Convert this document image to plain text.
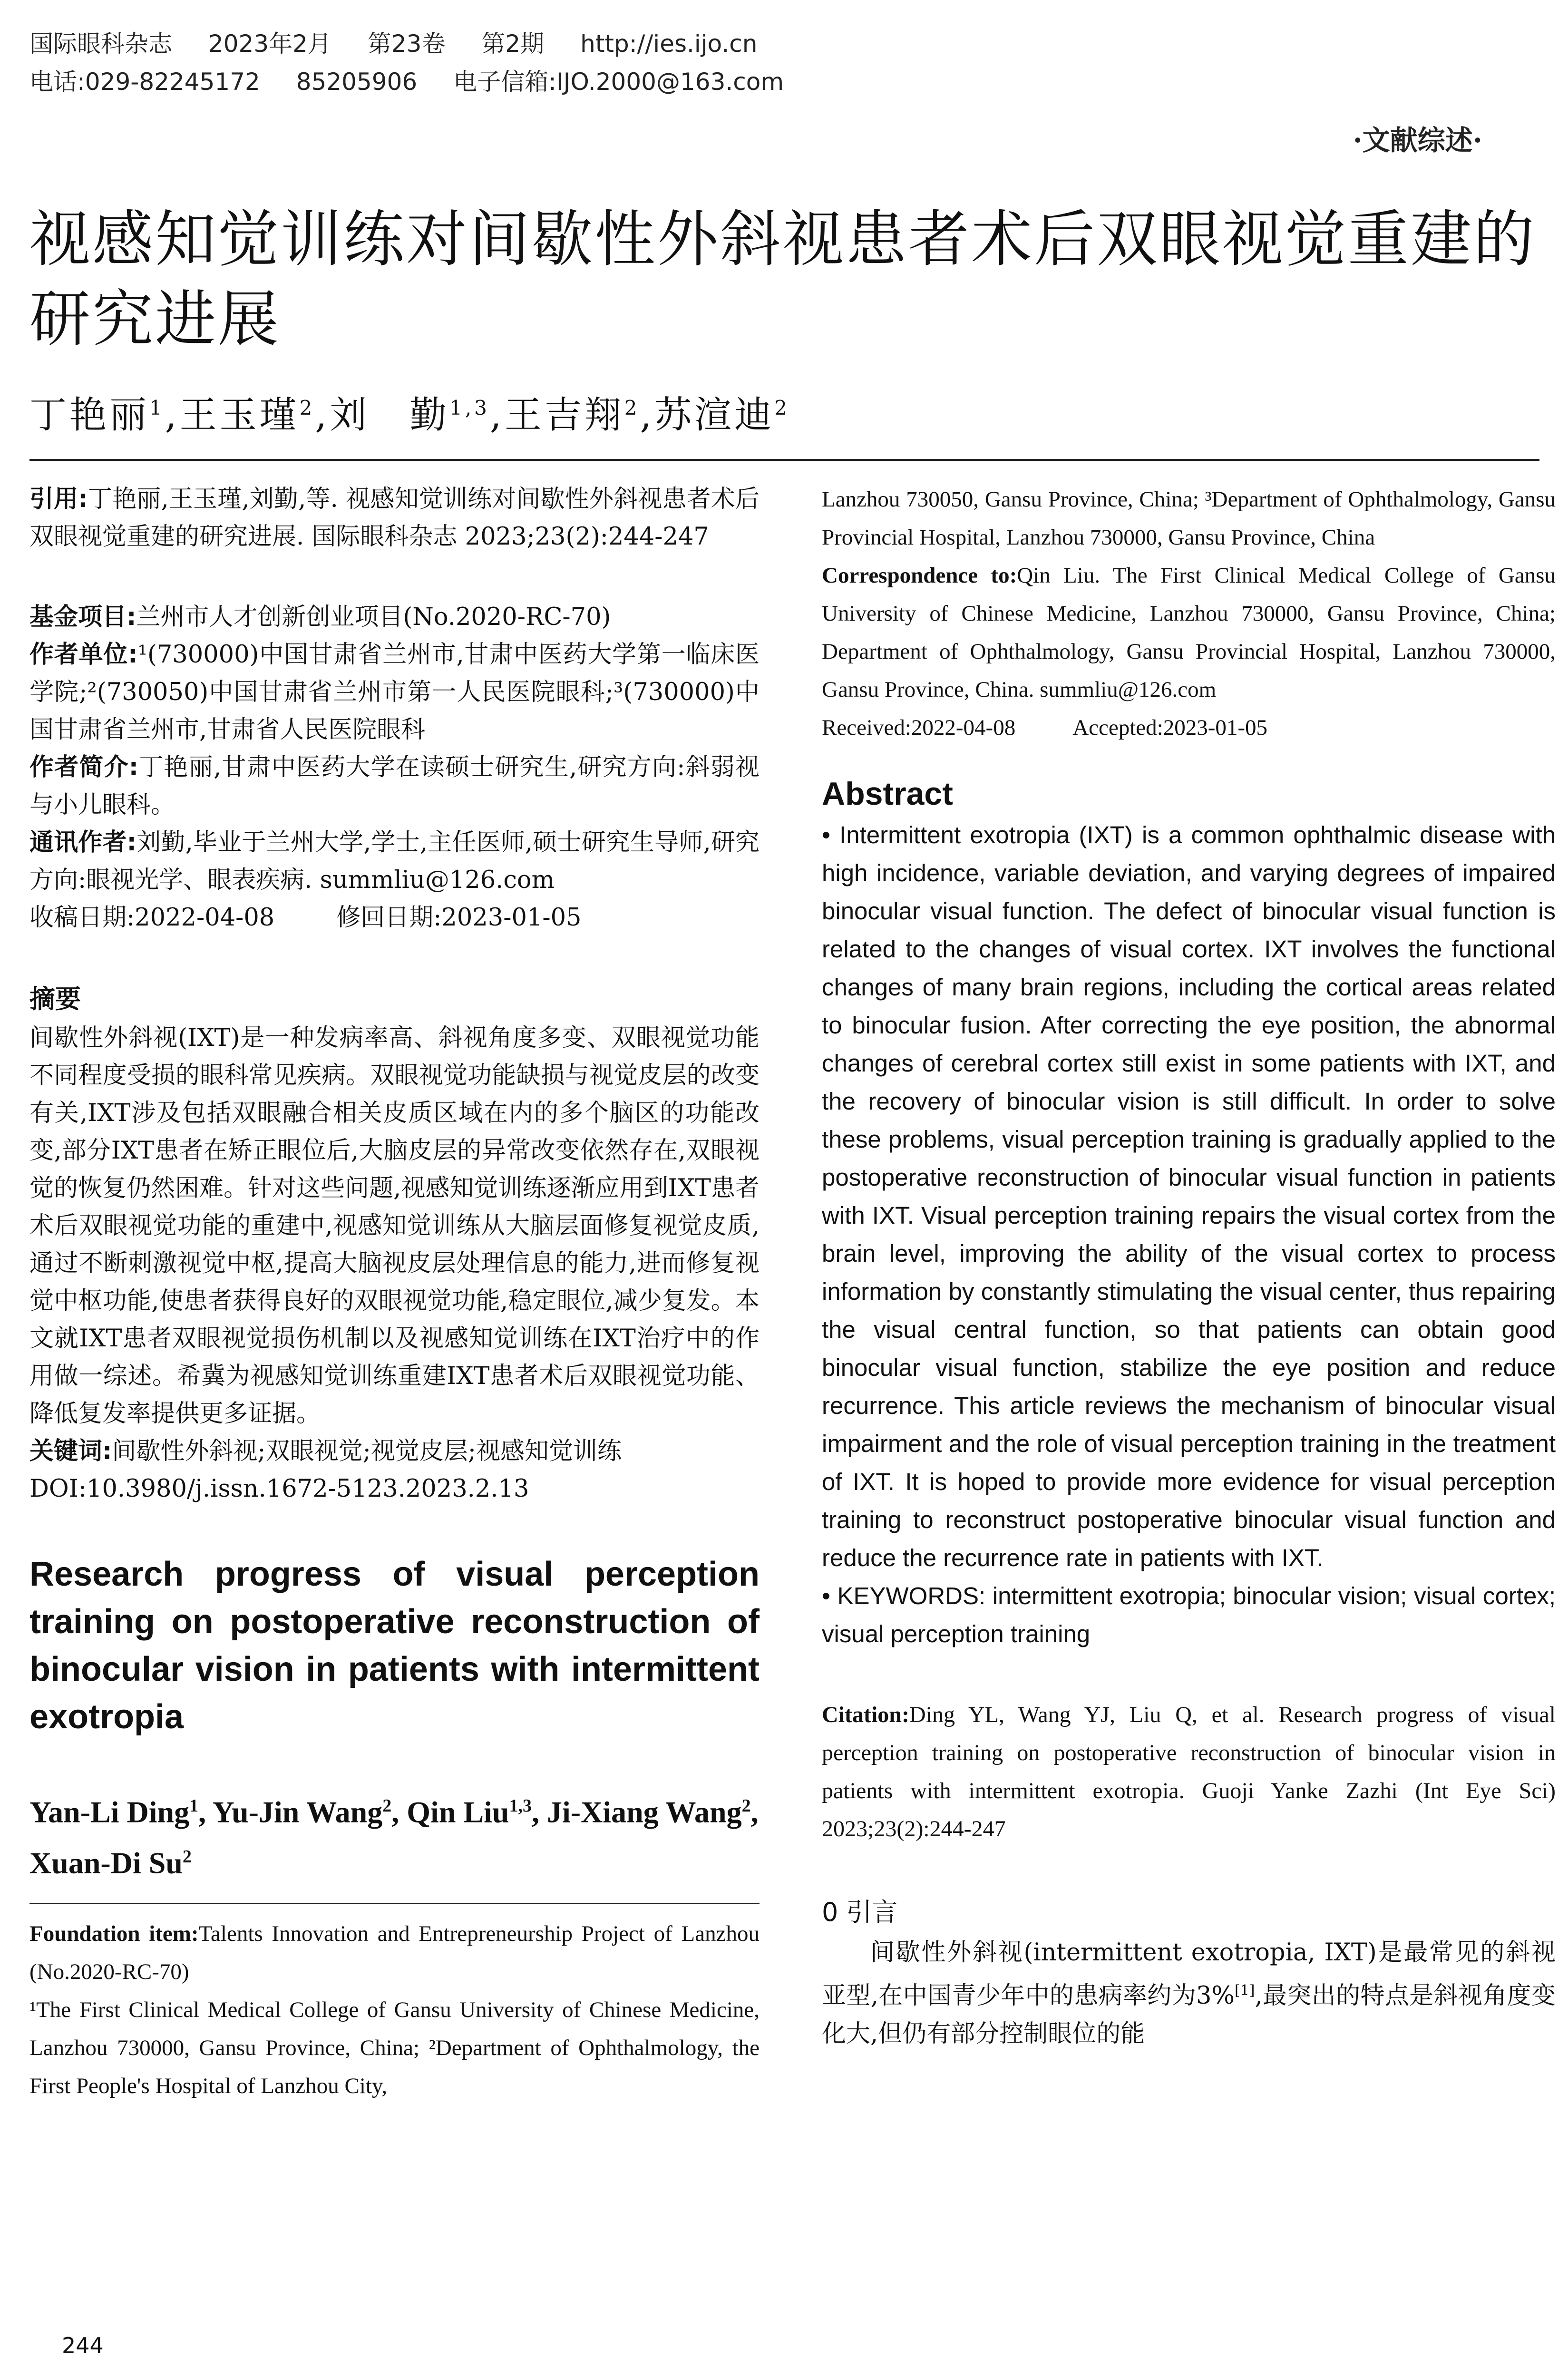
国际眼科杂志 2023年2月 第23卷 第2期 http://ies.ijo.cn
电话:029-82245172 85205906 电子信箱:IJO.2000@163.com
·文献综述·
视感知觉训练对间歇性外斜视患者术后双眼视觉重建的研究进展
丁艳丽$^1$,王玉瑾$^2$,刘　勤$^{1,3}$,王吉翔$^2$,苏渲迪$^2$

引用:丁艳丽,王玉瑾,刘勤,等. 视感知觉训练对间歇性外斜视患者术后双眼视觉重建的研究进展. 国际眼科杂志 2023;23(2):244-247

基金项目:兰州市人才创新创业项目(No.2020-RC-70)

作者单位:¹(730000)中国甘肃省兰州市,甘肃中医药大学第一临床医学院;²(730050)中国甘肃省兰州市第一人民医院眼科;³(730000)中国甘肃省兰州市,甘肃省人民医院眼科

作者简介:丁艳丽,甘肃中医药大学在读硕士研究生,研究方向:斜弱视与小儿眼科。

通讯作者:刘勤,毕业于兰州大学,学士,主任医师,硕士研究生导师,研究方向:眼视光学、眼表疾病. summliu@126.com

收稿日期:2022-04-08	修回日期:2023-01-05

摘要

间歇性外斜视(IXT)是一种发病率高、斜视角度多变、双眼视觉功能不同程度受损的眼科常见疾病。双眼视觉功能缺损与视觉皮层的改变有关,IXT涉及包括双眼融合相关皮质区域在内的多个脑区的功能改变,部分IXT患者在矫正眼位后,大脑皮层的异常改变依然存在,双眼视觉的恢复仍然困难。针对这些问题,视感知觉训练逐渐应用到IXT患者术后双眼视觉功能的重建中,视感知觉训练从大脑层面修复视觉皮质,通过不断刺激视觉中枢,提高大脑视皮层处理信息的能力,进而修复视觉中枢功能,使患者获得良好的双眼视觉功能,稳定眼位,减少复发。本文就IXT患者双眼视觉损伤机制以及视感知觉训练在IXT治疗中的作用做一综述。希冀为视感知觉训练重建IXT患者术后双眼视觉功能、降低复发率提供更多证据。

关键词:间歇性外斜视;双眼视觉;视觉皮层;视感知觉训练

DOI:10.3980/j.issn.1672-5123.2023.2.13

Research progress of visual perception training on postoperative reconstruction of binocular vision in patients with intermittent exotropia

Yan-Li Ding$^1$, Yu-Jin Wang$^2$, Qin Liu$^{1,3}$, Ji-Xiang Wang$^2$, Xuan-Di Su$^2$

Foundation item:Talents Innovation and Entrepreneurship Project of Lanzhou (No.2020-RC-70)

¹The First Clinical Medical College of Gansu University of Chinese Medicine, Lanzhou 730000, Gansu Province, China; ²Department of Ophthalmology, the First People's Hospital of Lanzhou City,

Lanzhou 730050, Gansu Province, China; ³Department of Ophthalmology, Gansu Provincial Hospital, Lanzhou 730000, Gansu Province, China

Correspondence to:Qin Liu. The First Clinical Medical College of Gansu University of Chinese Medicine, Lanzhou 730000, Gansu Province, China; Department of Ophthalmology, Gansu Provincial Hospital, Lanzhou 730000, Gansu Province, China. summliu@126.com

Received:2022-04-08	Accepted:2023-01-05

Abstract

• Intermittent exotropia (IXT) is a common ophthalmic disease with high incidence, variable deviation, and varying degrees of impaired binocular visual function. The defect of binocular visual function is related to the changes of visual cortex. IXT involves the functional changes of many brain regions, including the cortical areas related to binocular fusion. After correcting the eye position, the abnormal changes of cerebral cortex still exist in some patients with IXT, and the recovery of binocular vision is still difficult. In order to solve these problems, visual perception training is gradually applied to the postoperative reconstruction of binocular visual function in patients with IXT. Visual perception training repairs the visual cortex from the brain level, improving the ability of the visual cortex to process information by constantly stimulating the visual center, thus repairing the visual central function, so that patients can obtain good binocular visual function, stabilize the eye position and reduce recurrence. This article reviews the mechanism of binocular visual impairment and the role of visual perception training in the treatment of IXT. It is hoped to provide more evidence for visual perception training to reconstruct postoperative binocular visual function and reduce the recurrence rate in patients with IXT.

• KEYWORDS: intermittent exotropia; binocular vision; visual cortex; visual perception training

Citation:Ding YL, Wang YJ, Liu Q, et al. Research progress of visual perception training on postoperative reconstruction of binocular vision in patients with intermittent exotropia. Guoji Yanke Zazhi (Int Eye Sci) 2023;23(2):244-247

0 引言

间歇性外斜视(intermittent exotropia, IXT)是最常见的斜视亚型,在中国青少年中的患病率约为3%[1],最突出的特点是斜视角度变化大,但仍有部分控制眼位的能

244
